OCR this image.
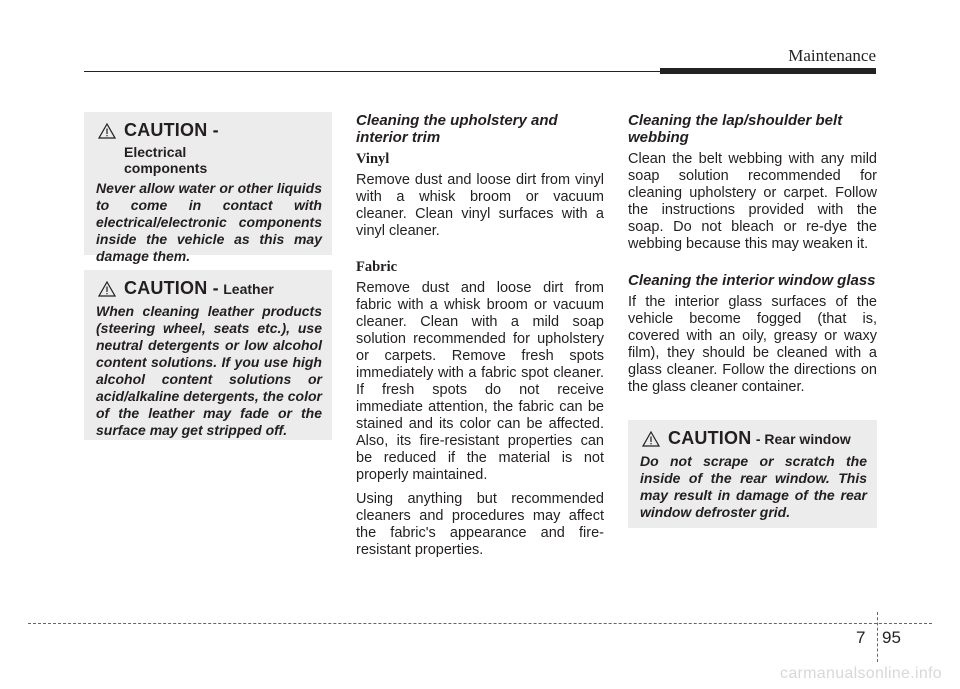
Maintenance
CAUTION - Electrical components
Never allow water or other liquids to come in contact with electrical/electronic components inside the vehicle as this may damage them.
CAUTION - Leather
When cleaning leather products (steering wheel, seats etc.), use neutral detergents or low alcohol content solutions. If you use high alcohol content solutions or acid/alkaline detergents, the color of the leather may fade or the surface may get stripped off.
Cleaning the upholstery and interior trim
Vinyl

Remove dust and loose dirt from vinyl with a whisk broom or vacuum cleaner. Clean vinyl surfaces with a vinyl cleaner.

Fabric

Remove dust and loose dirt from fabric with a whisk broom or vacuum cleaner. Clean with a mild soap solution recommended for upholstery or carpets. Remove fresh spots immediately with a fabric spot cleaner. If fresh spots do not receive immediate attention, the fabric can be stained and its color can be affected. Also, its fire-resistant properties can be reduced if the material is not properly maintained.

Using anything but recommended cleaners and procedures may affect the fabric's appearance and fire-resistant properties.

Cleaning the lap/shoulder belt webbing

Clean the belt webbing with any mild soap solution recommended for cleaning upholstery or carpet. Follow the instructions provided with the soap. Do not bleach or re-dye the webbing because this may weaken it.

Cleaning the interior window glass

If the interior glass surfaces of the vehicle become fogged (that is, covered with an oily, greasy or waxy film), they should be cleaned with a glass cleaner. Follow the directions on the glass cleaner container.

CAUTION - Rear window
Do not scrape or scratch the inside of the rear window. This may result in damage of the rear window defroster grid.
7 95
carmanualsonline.info
